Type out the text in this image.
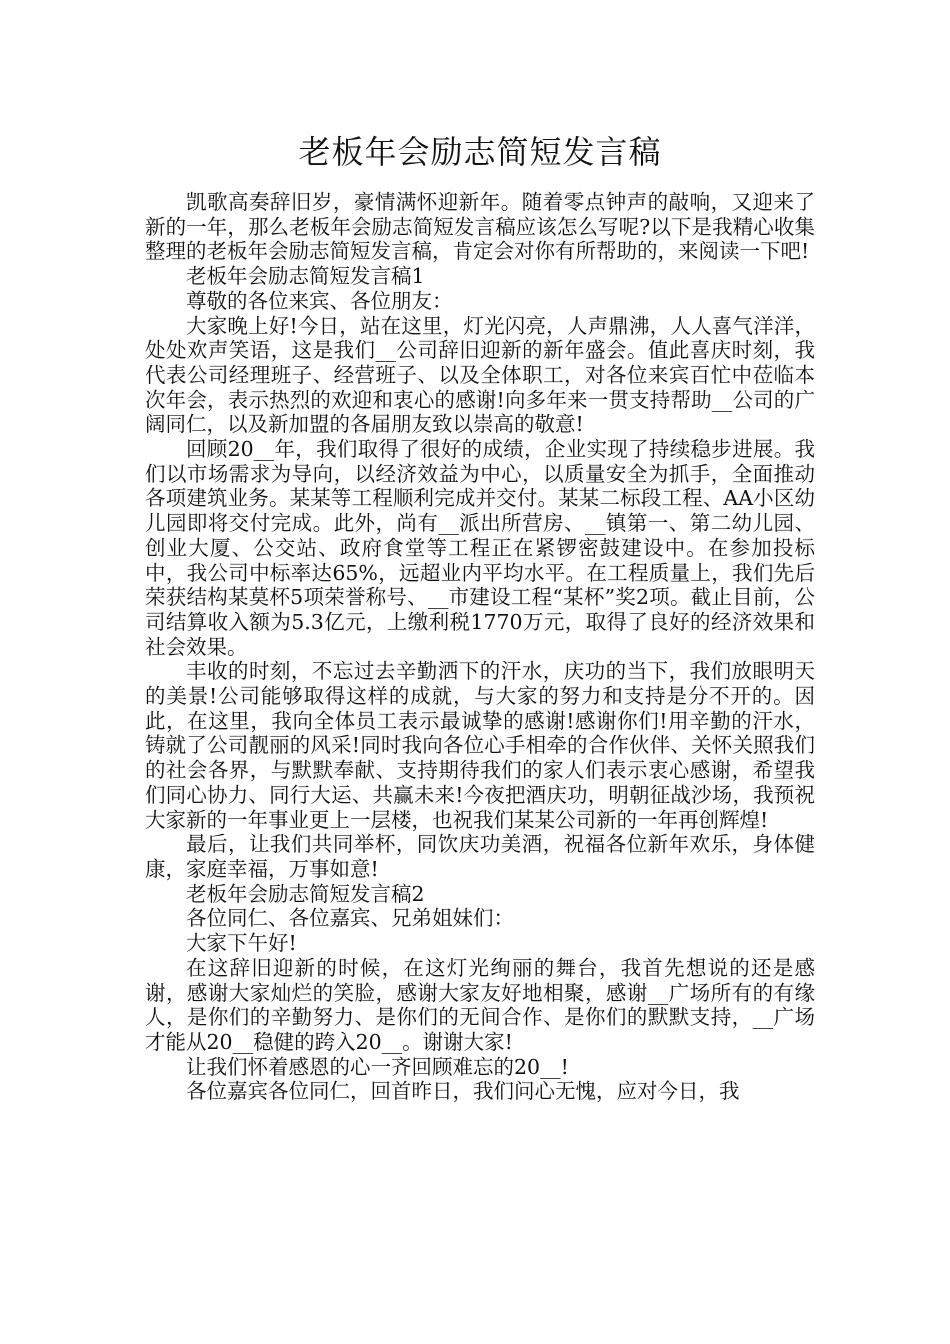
老板年会励志简短发言稿

凯歌高奏辞旧岁，豪情满怀迎新年。随着零点钟声的敲响，又迎来了新的一年，那么老板年会励志简短发言稿应该怎么写呢?以下是我精心收集整理的老板年会励志简短发言稿，肯定会对你有所帮助的，来阅读一下吧!

老板年会励志简短发言稿1

尊敬的各位来宾、各位朋友：

大家晚上好!今日，站在这里，灯光闪亮，人声鼎沸，人人喜气洋洋，处处欢声笑语，这是我们__公司辞旧迎新的新年盛会。值此喜庆时刻，我代表公司经理班子、经营班子、以及全体职工，对各位来宾百忙中莅临本次年会，表示热烈的欢迎和衷心的感谢!向多年来一贯支持帮助__公司的广阔同仁，以及新加盟的各届朋友致以崇高的敬意!

回顾20__年，我们取得了很好的成绩，企业实现了持续稳步进展。我们以市场需求为导向，以经济效益为中心，以质量安全为抓手，全面推动各项建筑业务。某某等工程顺利完成并交付。某某二标段工程、AA小区幼儿园即将交付完成。此外，尚有__派出所营房、__镇第一、第二幼儿园、创业大厦、公交站、政府食堂等工程正在紧锣密鼓建设中。在参加投标中，我公司中标率达65%，远超业内平均水平。在工程质量上，我们先后荣获结构某莫杯5项荣誉称号、__市建设工程“某杯”奖2项。截止目前，公司结算收入额为5.3亿元，上缴利税1770万元，取得了良好的经济效果和社会效果。

丰收的时刻，不忘过去辛勤洒下的汗水，庆功的当下，我们放眼明天的美景!公司能够取得这样的成就，与大家的努力和支持是分不开的。因此，在这里，我向全体员工表示最诚挚的感谢!感谢你们!用辛勤的汗水，铸就了公司靓丽的风采!同时我向各位心手相牵的合作伙伴、关怀关照我们的社会各界，与默默奉献、支持期待我们的家人们表示衷心感谢，希望我们同心协力、同行大运、共赢未来!今夜把酒庆功，明朝征战沙场，我预祝大家新的一年事业更上一层楼，也祝我们某某公司新的一年再创辉煌!

最后，让我们共同举杯，同饮庆功美酒，祝福各位新年欢乐，身体健康，家庭幸福，万事如意!

老板年会励志简短发言稿2

各位同仁、各位嘉宾、兄弟姐妹们：

大家下午好!

在这辞旧迎新的时候，在这灯光绚丽的舞台，我首先想说的还是感谢，感谢大家灿烂的笑脸，感谢大家友好地相聚，感谢__广场所有的有缘人，是你们的辛勤努力、是你们的无间合作、是你们的默默支持，__广场才能从20__稳健的跨入20__。谢谢大家!

让我们怀着感恩的心一齐回顾难忘的20__!

各位嘉宾各位同仁，回首昨日，我们问心无愧，应对今日，我
